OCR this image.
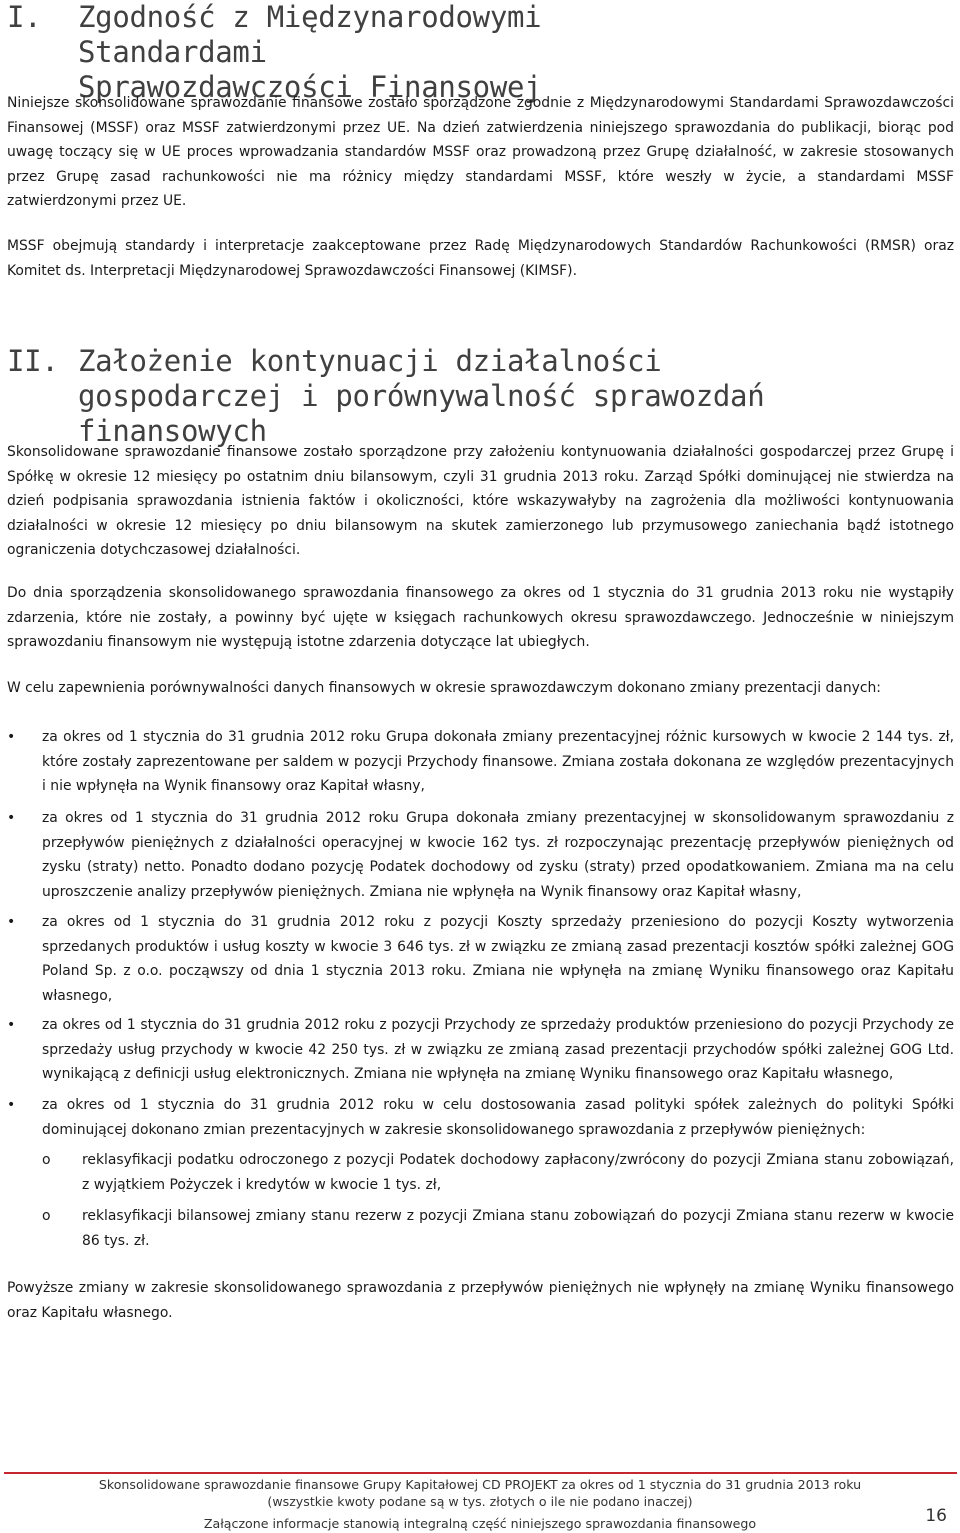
I. Zgodność z Międzynarodowymi Standardami Sprawozdawczości Finansowej

Niniejsze skonsolidowane sprawozdanie finansowe zostało sporządzone zgodnie z Międzynarodowymi Standardami Sprawozdawczości Finansowej (MSSF) oraz MSSF zatwierdzonymi przez UE. Na dzień zatwierdzenia niniejszego sprawozdania do publikacji, biorąc pod uwagę toczący się w UE proces wprowadzania standardów MSSF oraz prowadzoną przez Grupę działalność, w zakresie stosowanych przez Grupę zasad rachunkowości nie ma różnicy między standardami MSSF, które weszły w życie, a standardami MSSF zatwierdzonymi przez UE.

MSSF obejmują standardy i interpretacje zaakceptowane przez Radę Międzynarodowych Standardów Rachunkowości (RMSR) oraz Komitet ds. Interpretacji Międzynarodowej Sprawozdawczości Finansowej (KIMSF).

II. Założenie kontynuacji działalności gospodarczej i porównywalność sprawozdań finansowych

Skonsolidowane sprawozdanie finansowe zostało sporządzone przy założeniu kontynuowania działalności gospodarczej przez Grupę i Spółkę w okresie 12 miesięcy po ostatnim dniu bilansowym, czyli 31 grudnia 2013 roku. Zarząd Spółki dominującej nie stwierdza na dzień podpisania sprawozdania istnienia faktów i okoliczności, które wskazywałyby na zagrożenia dla możliwości kontynuowania działalności w okresie 12 miesięcy po dniu bilansowym na skutek zamierzonego lub przymusowego zaniechania bądź istotnego ograniczenia dotychczasowej działalności.

Do dnia sporządzenia skonsolidowanego sprawozdania finansowego za okres od 1 stycznia do 31 grudnia 2013 roku nie wystąpiły zdarzenia, które nie zostały, a powinny być ujęte w księgach rachunkowych okresu sprawozdawczego. Jednocześnie w niniejszym sprawozdaniu finansowym nie występują istotne zdarzenia dotyczące lat ubiegłych.

W celu zapewnienia porównywalności danych finansowych w okresie sprawozdawczym dokonano zmiany prezentacji danych:

• za okres od 1 stycznia do 31 grudnia 2012 roku Grupa dokonała zmiany prezentacyjnej różnic kursowych w kwocie 2 144 tys. zł, które zostały zaprezentowane per saldem w pozycji Przychody finansowe. Zmiana została dokonana ze względów prezentacyjnych i nie wpłynęła na Wynik finansowy oraz Kapitał własny,

• za okres od 1 stycznia do 31 grudnia 2012 roku Grupa dokonała zmiany prezentacyjnej w skonsolidowanym sprawozdaniu z przepływów pieniężnych z działalności operacyjnej w kwocie 162 tys. zł rozpoczynając prezentację przepływów pieniężnych od zysku (straty) netto. Ponadto dodano pozycję Podatek dochodowy od zysku (straty) przed opodatkowaniem. Zmiana ma na celu uproszczenie analizy przepływów pieniężnych. Zmiana nie wpłynęła na Wynik finansowy oraz Kapitał własny,

• za okres od 1 stycznia do 31 grudnia 2012 roku z pozycji Koszty sprzedaży przeniesiono do pozycji Koszty wytworzenia sprzedanych produktów i usług koszty w kwocie 3 646 tys. zł w związku ze zmianą zasad prezentacji kosztów spółki zależnej GOG Poland Sp. z o.o. począwszy od dnia 1 stycznia 2013 roku. Zmiana nie wpłynęła na zmianę Wyniku finansowego oraz Kapitału własnego,

• za okres od 1 stycznia do 31 grudnia 2012 roku z pozycji Przychody ze sprzedaży produktów przeniesiono do pozycji Przychody ze sprzedaży usług przychody w kwocie 42 250 tys. zł w związku ze zmianą zasad prezentacji przychodów spółki zależnej GOG Ltd. wynikającą z definicji usług elektronicznych. Zmiana nie wpłynęła na zmianę Wyniku finansowego oraz Kapitału własnego,

• za okres od 1 stycznia do 31 grudnia 2012 roku w celu dostosowania zasad polityki spółek zależnych do polityki Spółki dominującej dokonano zmian prezentacyjnych w zakresie skonsolidowanego sprawozdania z przepływów pieniężnych:

o reklasyfikacji podatku odroczonego z pozycji Podatek dochodowy zapłacony/zwrócony do pozycji Zmiana stanu zobowiązań, z wyjątkiem Pożyczek i kredytów w kwocie 1 tys. zł,

o reklasyfikacji bilansowej zmiany stanu rezerw z pozycji Zmiana stanu zobowiązań do pozycji Zmiana stanu rezerw w kwocie 86 tys. zł.

Powyższe zmiany w zakresie skonsolidowanego sprawozdania z przepływów pieniężnych nie wpłynęły na zmianę Wyniku finansowego oraz Kapitału własnego.

Skonsolidowane sprawozdanie finansowe Grupy Kapitałowej CD PROJEKT za okres od 1 stycznia do 31 grudnia 2013 roku
(wszystkie kwoty podane są w tys. złotych o ile nie podano inaczej)
Załączone informacje stanowią integralną część niniejszego sprawozdania finansowego	16
